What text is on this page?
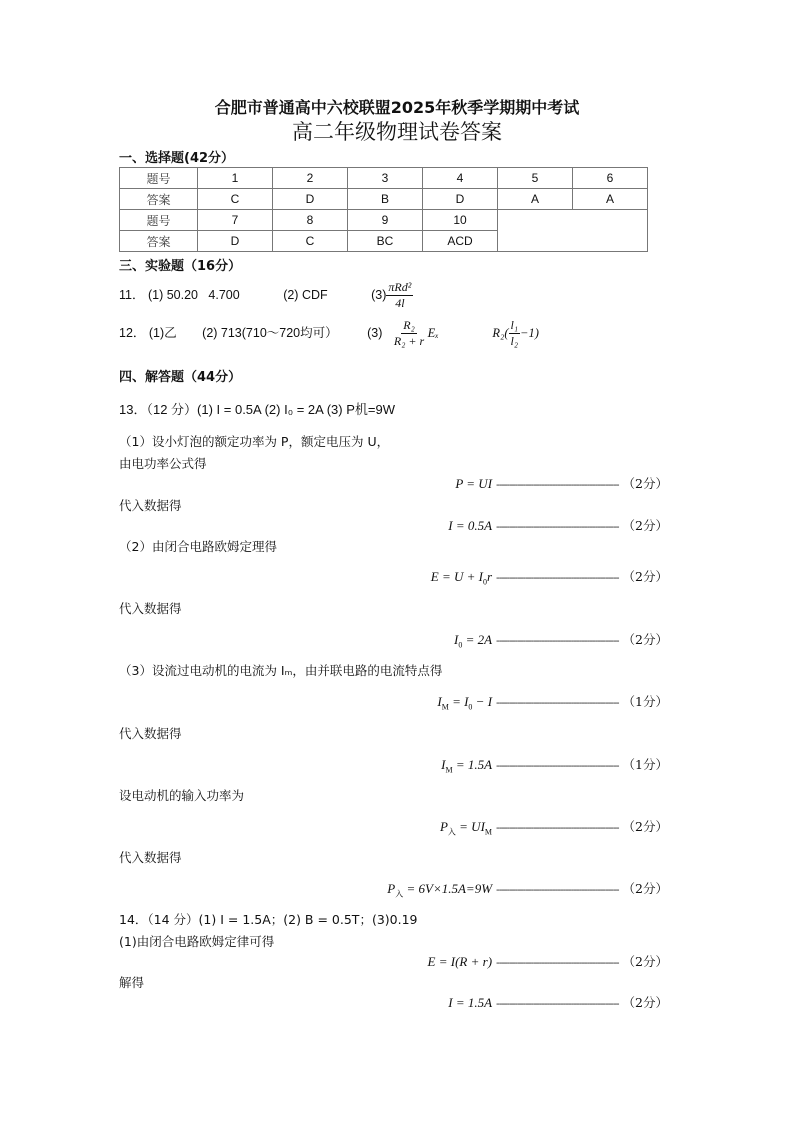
合肥市普通高中六校联盟2025年秋季学期期中考试
高二年级物理试卷答案
一、选择题(42分）
题号	1	2	3	4	5	6
答案	C	D	B	D	A	A
题号	7	8	9	10		
答案	D	C	BC	ACD		
三、实验题（16分）
11． (1) 50.20   4.700	(2) CDF	$(3) \frac{\text{πRd²}}{4l}$
12． (1)乙 (2) 713(710～720均可） $(3) \frac{\text{R₂}}{\text{R₂ + r}}$ Eₓ	$R_2( \frac{\text{l₁}}{\text{l₂}} -1)$
四、解答题（44分）
13．（12 分）(1) I = 0.5A (2) I₀ = 2A (3) P机=9W
（1）设小灯泡的额定功率为 P，额定电压为 U，
由电功率公式得
P = UI ---------------------------------------------- （2分）
代入数据得
I = 0.5A ---------------------------------------------- （2分）
（2）由闭合电路欧姆定理得
$E = U + I_0r$ ---------------------------------------------- （2分）
代入数据得
$I_0 = 2A$ ---------------------------------------------- （2分）
（3）设流过电动机的电流为 Iₘ，由并联电路的电流特点得
$I_M = I_0 - I$ ---------------------------------------------- （1分）
代入数据得
$I_M = 1.5A$ ---------------------------------------------- （1分）
设电动机的输入功率为
$P_入 = UI_M$ ---------------------------------------------- （2分）
代入数据得
$P_入 = 6V\times 1.5A=9W$ ---------------------------------------------- （2分）
14．（14 分）(1) I = 1.5A；(2) B = 0.5T；(3)0.19
(1)由闭合电路欧姆定律可得
E = I(R + r) ---------------------------------------------- （2分）
解得
I = 1.5A ---------------------------------------------- （2分）
